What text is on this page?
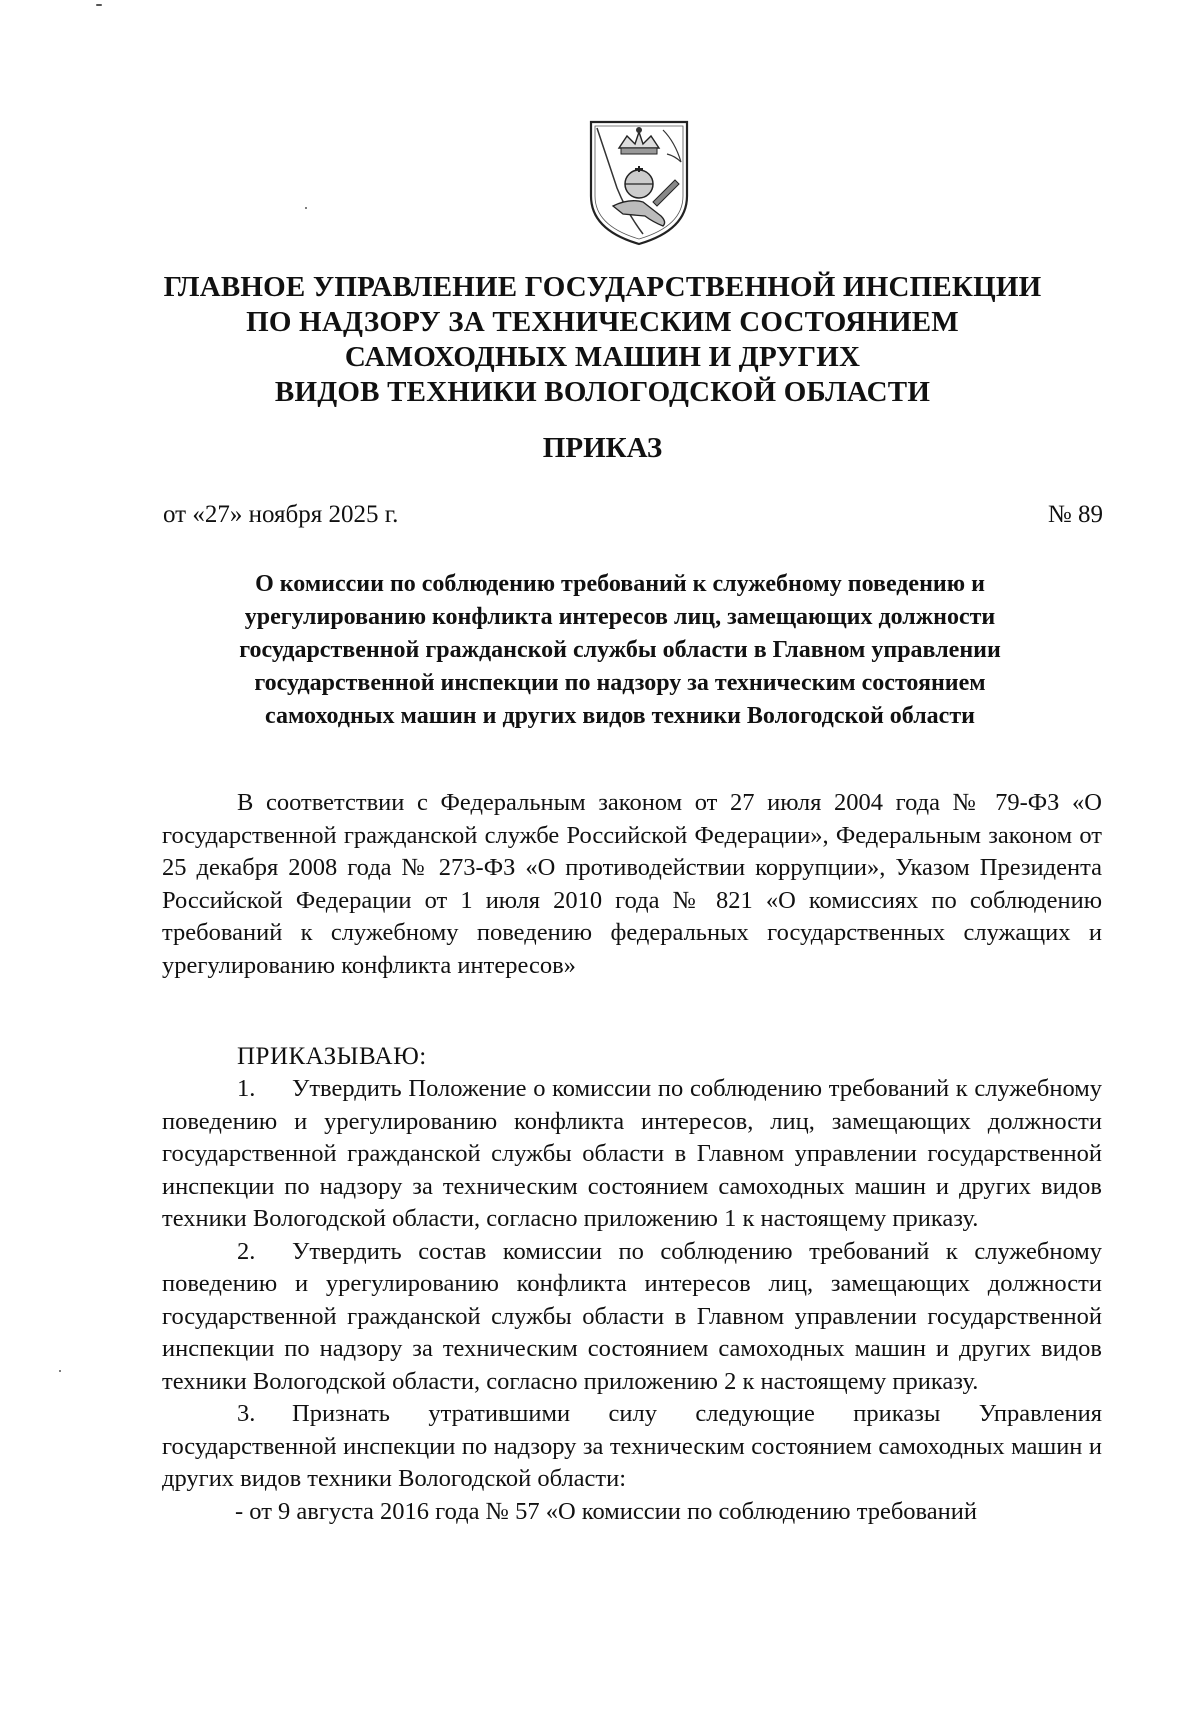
ГЛАВНОЕ УПРАВЛЕНИЕ ГОСУДАРСТВЕННОЙ ИНСПЕКЦИИ
ПО НАДЗОРУ ЗА ТЕХНИЧЕСКИМ СОСТОЯНИЕМ
САМОХОДНЫХ МАШИН И ДРУГИХ
ВИДОВ ТЕХНИКИ ВОЛОГОДСКОЙ ОБЛАСТИ
ПРИКАЗ
от «27» ноября 2025 г.	№ 89
О комиссии по соблюдению требований к служебному поведению и
урегулированию конфликта интересов лиц, замещающих должности
государственной гражданской службы области в Главном управлении
государственной инспекции по надзору за техническим состоянием
самоходных машин и других видов техники Вологодской области

В соответствии с Федеральным законом от 27 июля 2004 года № 79-ФЗ «О государственной гражданской службе Российской Федерации», Федеральным законом от 25 декабря 2008 года № 273-ФЗ «О противодействии коррупции», Указом Президента Российской Федерации от 1 июля 2010 года № 821 «О комиссиях по соблюдению требований к служебному поведению федеральных государственных служащих и урегулированию конфликта интересов»

ПРИКАЗЫВАЮ:

1. Утвердить Положение о комиссии по соблюдению требований к служебному поведению и урегулированию конфликта интересов, лиц, замещающих должности государственной гражданской службы области в Главном управлении государственной инспекции по надзору за техническим состоянием самоходных машин и других видов техники Вологодской области, согласно приложению 1 к настоящему приказу.

2. Утвердить состав комиссии по соблюдению требований к служебному поведению и урегулированию конфликта интересов лиц, замещающих должности государственной гражданской службы области в Главном управлении государственной инспекции по надзору за техническим состоянием самоходных машин и других видов техники Вологодской области, согласно приложению 2 к настоящему приказу.

3. Признать утратившими силу следующие приказы Управления государственной инспекции по надзору за техническим состоянием самоходных машин и других видов техники Вологодской области:

- от 9 августа 2016 года № 57 «О комиссии по соблюдению требований
